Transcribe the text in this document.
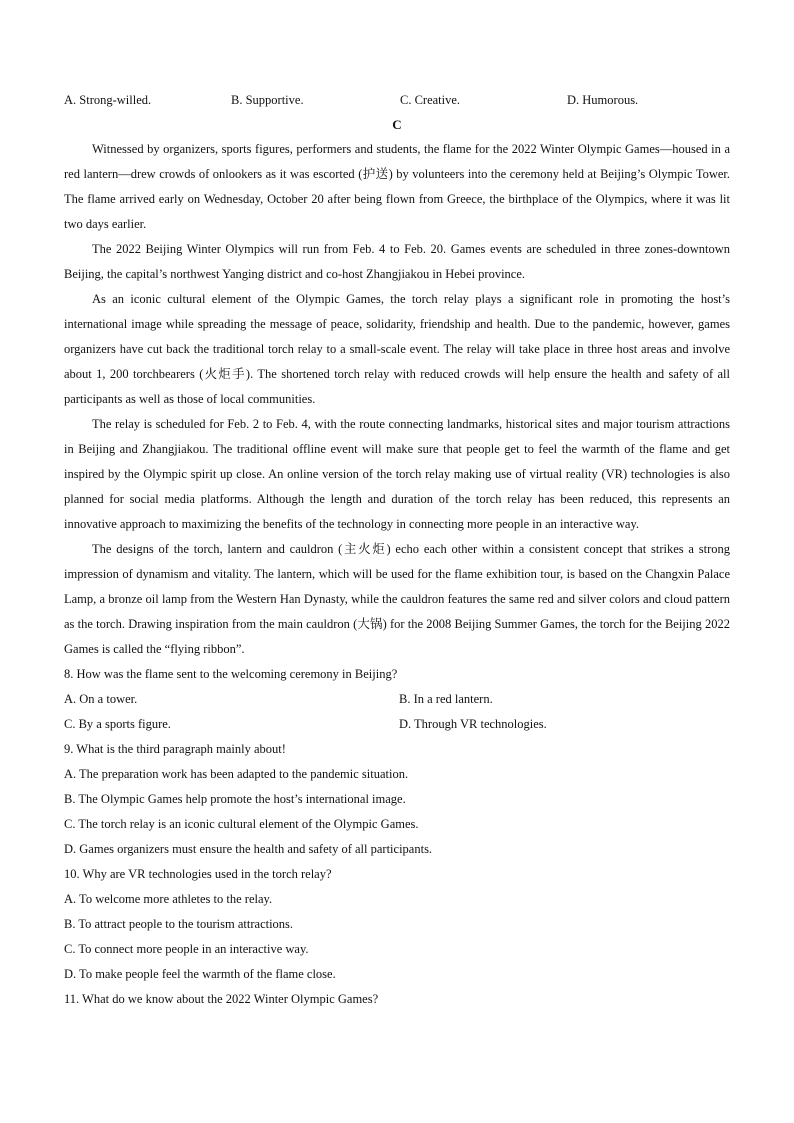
A. Strong-willed.	B. Supportive.	C. Creative.	D. Humorous.
C

Witnessed by organizers, sports figures, performers and students, the flame for the 2022 Winter Olympic Games—housed in a red lantern—drew crowds of onlookers as it was escorted (护送) by volunteers into the ceremony held at Beijing’s Olympic Tower. The flame arrived early on Wednesday, October 20 after being flown from Greece, the birthplace of the Olympics, where it was lit two days earlier.

The 2022 Beijing Winter Olympics will run from Feb. 4 to Feb. 20. Games events are scheduled in three zones-downtown Beijing, the capital’s northwest Yanging district and co-host Zhangjiakou in Hebei province.

As an iconic cultural element of the Olympic Games, the torch relay plays a significant role in promoting the host’s international image while spreading the message of peace, solidarity, friendship and health. Due to the pandemic, however, games organizers have cut back the traditional torch relay to a small-scale event. The relay will take place in three host areas and involve about 1, 200 torchbearers (火炬手). The shortened torch relay with reduced crowds will help ensure the health and safety of all participants as well as those of local communities.

The relay is scheduled for Feb. 2 to Feb. 4, with the route connecting landmarks, historical sites and major tourism attractions in Beijing and Zhangjiakou. The traditional offline event will make sure that people get to feel the warmth of the flame and get inspired by the Olympic spirit up close. An online version of the torch relay making use of virtual reality (VR) technologies is also planned for social media platforms. Although the length and duration of the torch relay has been reduced, this represents an innovative approach to maximizing the benefits of the technology in connecting more people in an interactive way.

The designs of the torch, lantern and cauldron (主火炬) echo each other within a consistent concept that strikes a strong impression of dynamism and vitality. The lantern, which will be used for the flame exhibition tour, is based on the Changxin Palace Lamp, a bronze oil lamp from the Western Han Dynasty, while the cauldron features the same red and silver colors and cloud pattern as the torch. Drawing inspiration from the main cauldron (大锅) for the 2008 Beijing Summer Games, the torch for the Beijing 2022 Games is called the “flying ribbon”.

8. How was the flame sent to the welcoming ceremony in Beijing?
A. On a tower.	B. In a red lantern.
C. By a sports figure.	D. Through VR technologies.
9. What is the third paragraph mainly about!
A. The preparation work has been adapted to the pandemic situation.
B. The Olympic Games help promote the host’s international image.
C. The torch relay is an iconic cultural element of the Olympic Games.
D. Games organizers must ensure the health and safety of all participants.
10. Why are VR technologies used in the torch relay?
A. To welcome more athletes to the relay.
B. To attract people to the tourism attractions.
C. To connect more people in an interactive way.
D. To make people feel the warmth of the flame close.
11. What do we know about the 2022 Winter Olympic Games?
